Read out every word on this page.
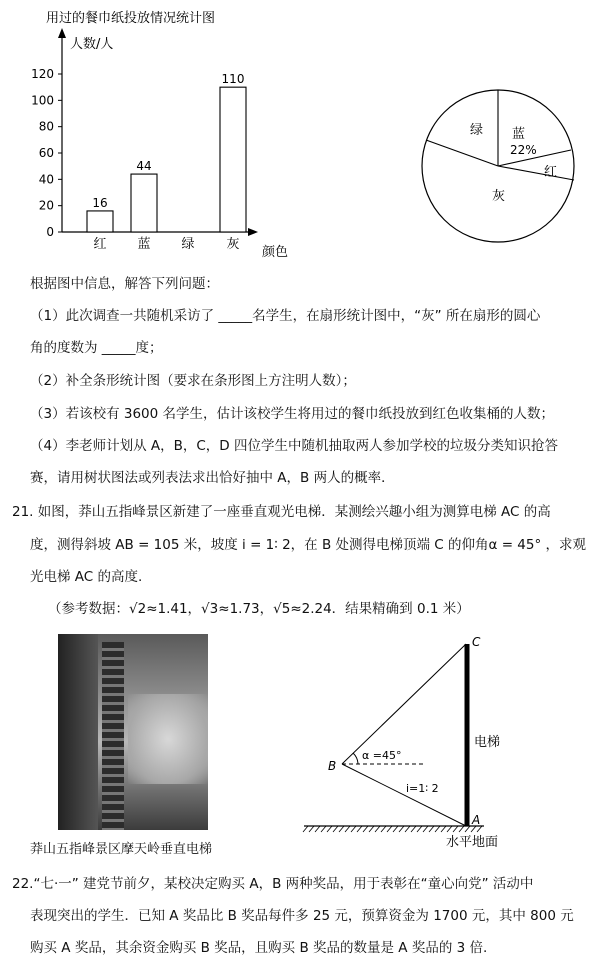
用过的餐巾纸投放情况统计图
人数/人
颜色
0
20
40
60
80
100
120
16
红
44
蓝 绿
110
灰
绿 蓝
22%
红
灰
根据图中信息，解答下列问题：
（1）此次调查一共随机采访了 _____名学生，在扇形统计图中，“灰” 所在扇形的圆心
角的度数为 _____度；
（2）补全条形统计图（要求在条形图上方注明人数）；
（3）若该校有 3600 名学生，估计该校学生将用过的餐巾纸投放到红色收集桶的人数；
（4）李老师计划从 A，B，C，D 四位学生中随机抽取两人参加学校的垃圾分类知识抢答
赛，请用树状图法或列表法求出恰好抽中 A，B 两人的概率．
21. 如图，莽山五指峰景区新建了一座垂直观光电梯．某测绘兴趣小组为测算电梯 AC 的高
度，测得斜坡 AB = 105 米，坡度 i = 1∶ 2，在 B 处测得电梯顶端 C 的仰角α = 45° ，求观
光电梯 AC 的高度.
（参考数据：√2≈1.41，√3≈1.73，√5≈2.24．结果精确到 0.1 米）
莽山五指峰景区摩天岭垂直电梯
C
B
A
α =45°
i=1∶ 2
电梯
水平地面
22.“七·一” 建党节前夕，某校决定购买 A，B 两种奖品，用于表彰在“童心向党” 活动中
表现突出的学生．已知 A 奖品比 B 奖品每件多 25 元，预算资金为 1700 元，其中 800 元
购买 A 奖品，其余资金购买 B 奖品，且购买 B 奖品的数量是 A 奖品的 3 倍.
